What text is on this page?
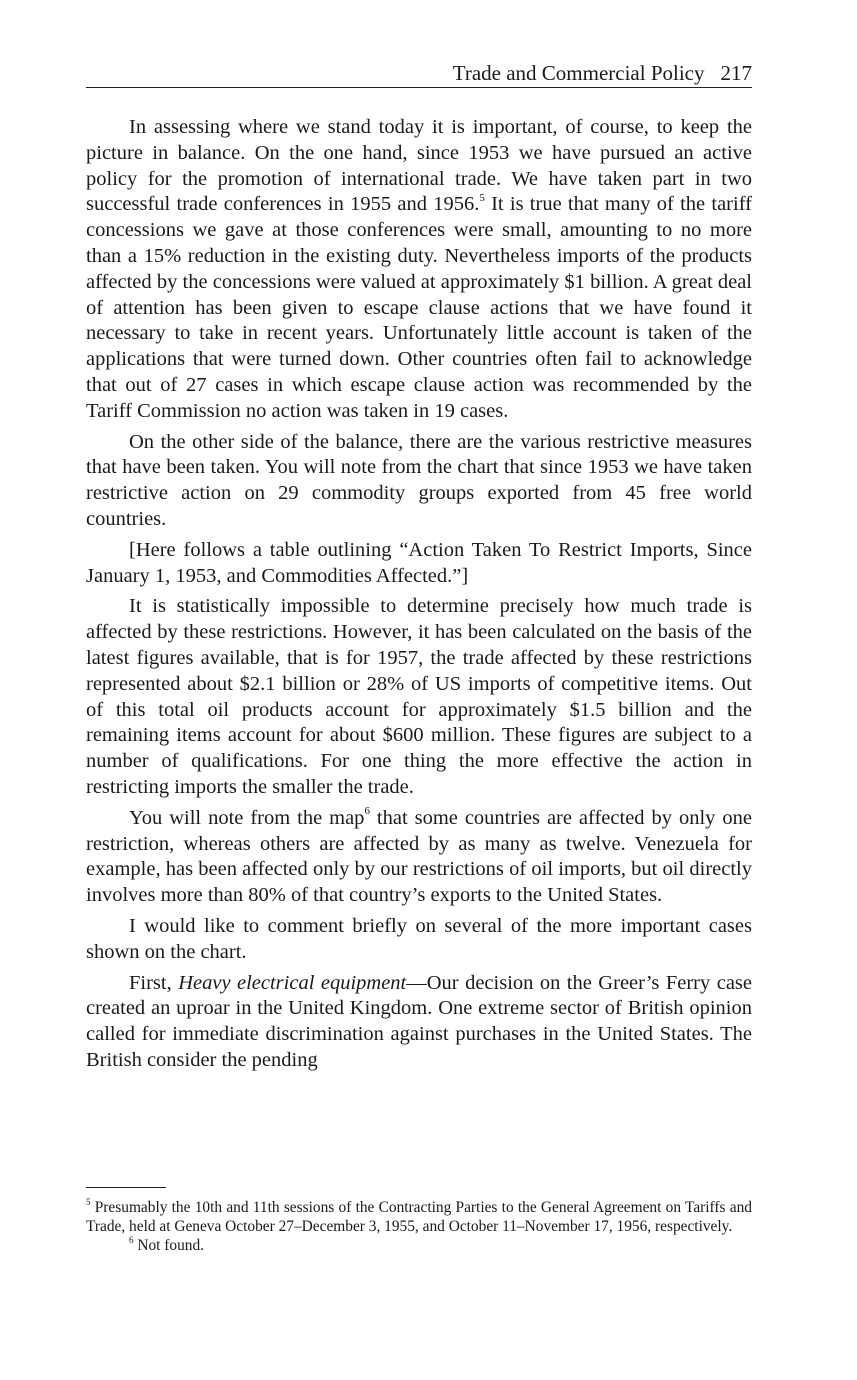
Trade and Commercial Policy 217

In assessing where we stand today it is important, of course, to keep the picture in balance. On the one hand, since 1953 we have pursued an active policy for the promotion of international trade. We have taken part in two successful trade conferences in 1955 and 1956.$^5$ It is true that many of the tariff concessions we gave at those conferences were small, amounting to no more than a 15% reduction in the existing duty. Nevertheless imports of the products affected by the concessions were valued at approximately $1 billion. A great deal of attention has been given to escape clause actions that we have found it necessary to take in recent years. Unfortunately little account is taken of the applications that were turned down. Other countries often fail to acknowledge that out of 27 cases in which escape clause action was recommended by the Tariff Commission no action was taken in 19 cases.

On the other side of the balance, there are the various restrictive measures that have been taken. You will note from the chart that since 1953 we have taken restrictive action on 29 commodity groups exported from 45 free world countries.

[Here follows a table outlining “Action Taken To Restrict Imports, Since January 1, 1953, and Commodities Affected.”]

It is statistically impossible to determine precisely how much trade is affected by these restrictions. However, it has been calculated on the basis of the latest figures available, that is for 1957, the trade affected by these restrictions represented about $2.1 billion or 28% of US imports of competitive items. Out of this total oil products account for approximately $1.5 billion and the remaining items account for about $600 million. These figures are subject to a number of qualifications. For one thing the more effective the action in restricting imports the smaller the trade.

You will note from the map$^6$ that some countries are affected by only one restriction, whereas others are affected by as many as twelve. Venezuela for example, has been affected only by our restrictions of oil imports, but oil directly involves more than 80% of that country’s exports to the United States.

I would like to comment briefly on several of the more important cases shown on the chart.

First, Heavy electrical equipment—Our decision on the Greer’s Ferry case created an uproar in the United Kingdom. One extreme sector of British opinion called for immediate discrimination against purchases in the United States. The British consider the pending

$^5$ Presumably the 10th and 11th sessions of the Contracting Parties to the General Agreement on Tariffs and Trade, held at Geneva October 27–December 3, 1955, and October 11–November 17, 1956, respectively.

$^6$ Not found.
